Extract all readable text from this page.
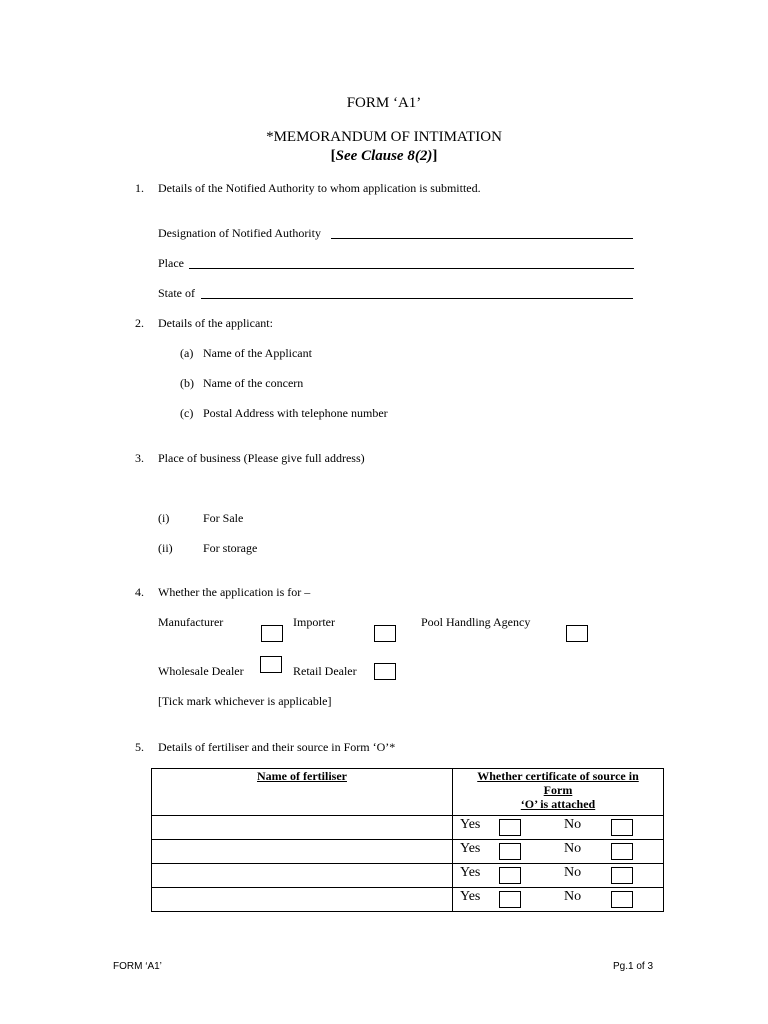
FORM ‘A1’
*MEMORANDUM OF INTIMATION
[See Clause 8(2)]
1. Details of the Notified Authority to whom application is submitted.
Designation of Notified Authority
Place
State of
2. Details of the applicant:
(a) Name of the Applicant
(b) Name of the concern
(c) Postal Address with telephone number
3. Place of business (Please give full address)
(i)	For Sale
(ii)	For storage
4. Whether the application is for –
Manufacturer	Importer	Pool Handling Agency
Wholesale Dealer	Retail Dealer
[Tick mark whichever is applicable]
5. Details of fertiliser and their source in Form ‘O’*
Name of fertiliser	Whether certificate of source in
Form
‘O’ is attached

	Yes No

	Yes No

	Yes No

	Yes No
FORM ‘A1’	Pg.1 of 3
